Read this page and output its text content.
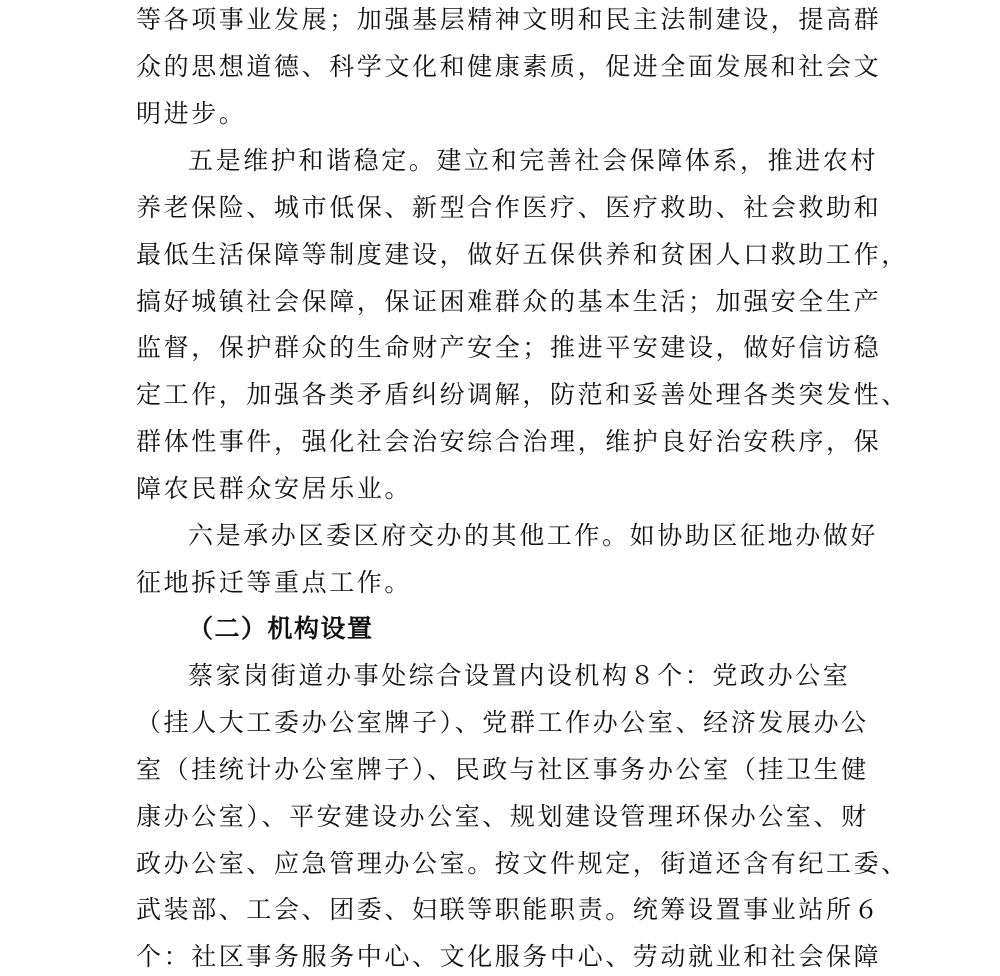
等各项事业发展；加强基层精神文明和民主法制建设，提高群
众的思想道德、科学文化和健康素质，促进全面发展和社会文
明进步。
五是维护和谐稳定。建立和完善社会保障体系，推进农村
养老保险、城市低保、新型合作医疗、医疗救助、社会救助和
最低生活保障等制度建设，做好五保供养和贫困人口救助工作，
搞好城镇社会保障，保证困难群众的基本生活；加强安全生产
监督，保护群众的生命财产安全；推进平安建设，做好信访稳
定工作，加强各类矛盾纠纷调解，防范和妥善处理各类突发性、
群体性事件，强化社会治安综合治理，维护良好治安秩序，保
障农民群众安居乐业。
六是承办区委区府交办的其他工作。如协助区征地办做好
征地拆迁等重点工作。
（二）机构设置
蔡家岗街道办事处综合设置内设机构８个：党政办公室
（挂人大工委办公室牌子）、党群工作办公室、经济发展办公
室（挂统计办公室牌子）、民政与社区事务办公室（挂卫生健
康办公室）、平安建设办公室、规划建设管理环保办公室、财
政办公室、应急管理办公室。按文件规定，街道还含有纪工委、
武装部、工会、团委、妇联等职能职责。统筹设置事业站所６
个：社区事务服务中心、文化服务中心、劳动就业和社会保障
